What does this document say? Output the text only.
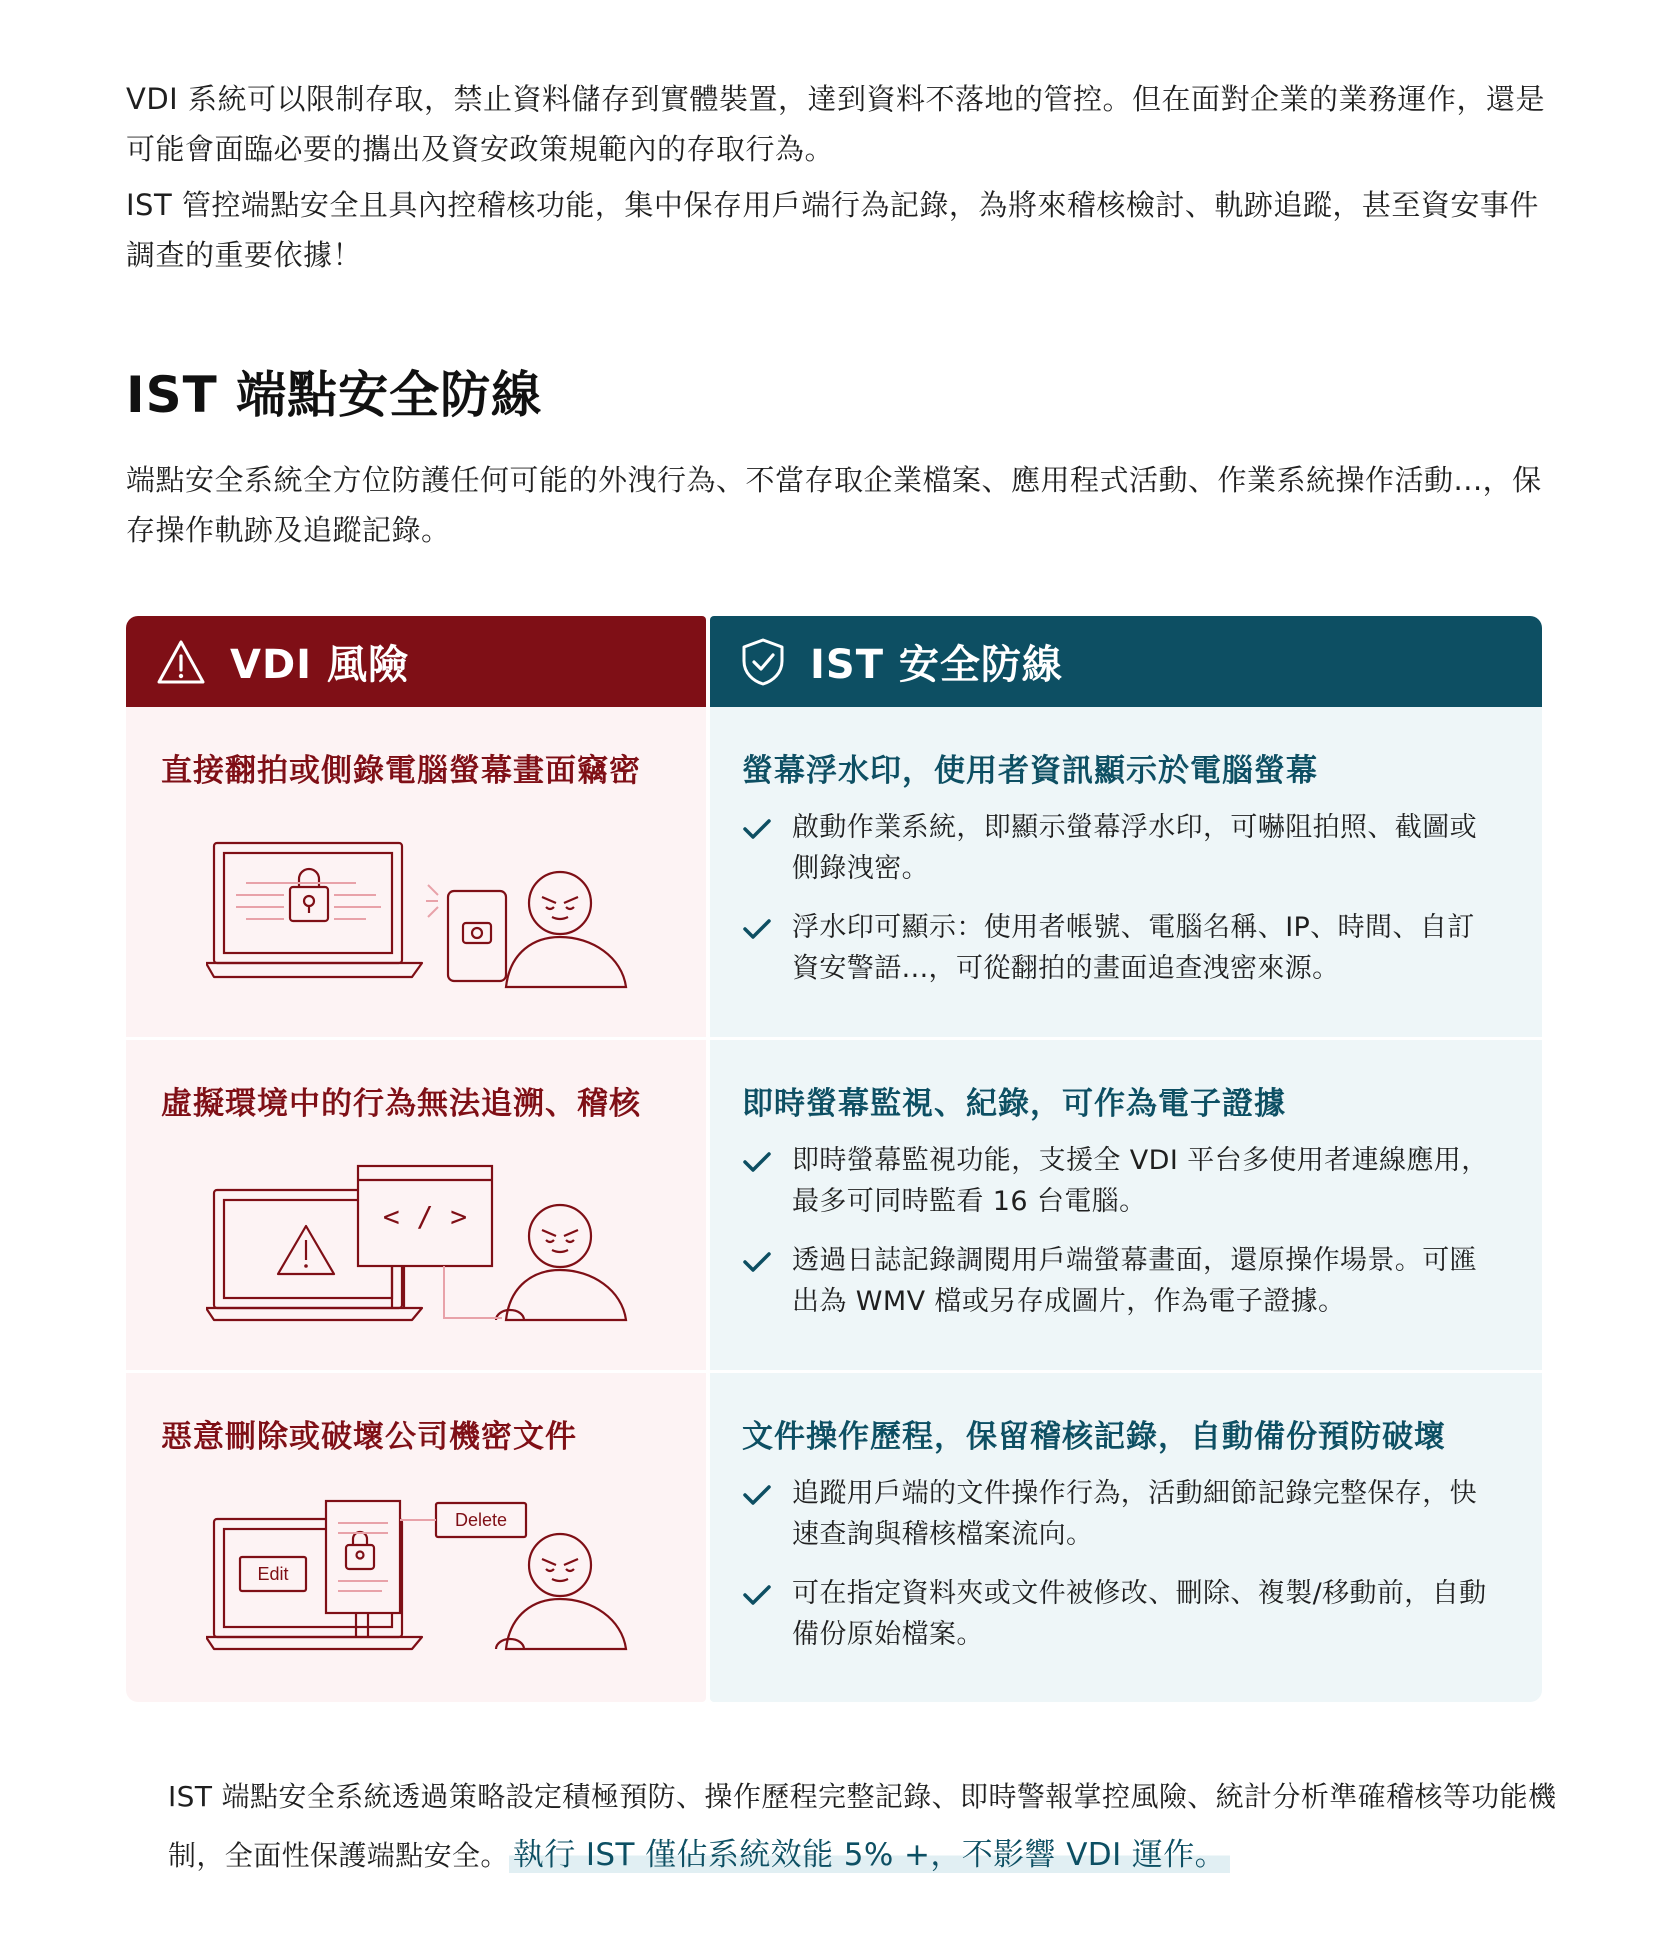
VDI 系統可以限制存取，禁止資料儲存到實體裝置，達到資料不落地的管控。但在面對企業的業務運作，還是可能會面臨必要的攜出及資安政策規範內的存取行為。

IST 管控端點安全且具內控稽核功能，集中保存用戶端行為記錄，為將來稽核檢討、軌跡追蹤，甚至資安事件調查的重要依據！

IST 端點安全防線

端點安全系統全方位防護任何可能的外洩行為、不當存取企業檔案、應用程式活動、作業系統操作活動...，保存操作軌跡及追蹤記錄。

VDI 風險
直接翻拍或側錄電腦螢幕畫面竊密
虛擬環境中的行為無法追溯、稽核
< / >
惡意刪除或破壞公司機密文件
Edit
Delete
IST 安全防線
螢幕浮水印，使用者資訊顯示於電腦螢幕
啟動作業系統，即顯示螢幕浮水印，可嚇阻拍照、截圖或側錄洩密。
浮水印可顯示：使用者帳號、電腦名稱、IP、時間、自訂資安警語...，可從翻拍的畫面追查洩密來源。
即時螢幕監視、紀錄，可作為電子證據
即時螢幕監視功能，支援全 VDI 平台多使用者連線應用，最多可同時監看 16 台電腦。
透過日誌記錄調閱用戶端螢幕畫面，還原操作場景。可匯出為 WMV 檔或另存成圖片，作為電子證據。
文件操作歷程，保留稽核記錄，自動備份預防破壞
追蹤用戶端的文件操作行為，活動細節記錄完整保存，快速查詢與稽核檔案流向。
可在指定資料夾或文件被修改、刪除、複製/移動前，自動備份原始檔案。

IST 端點安全系統透過策略設定積極預防、操作歷程完整記錄、即時警報掌控風險、統計分析準確稽核等功能機制，全面性保護端點安全。 執行 IST 僅佔系統效能 5% +，不影響 VDI 運作。
